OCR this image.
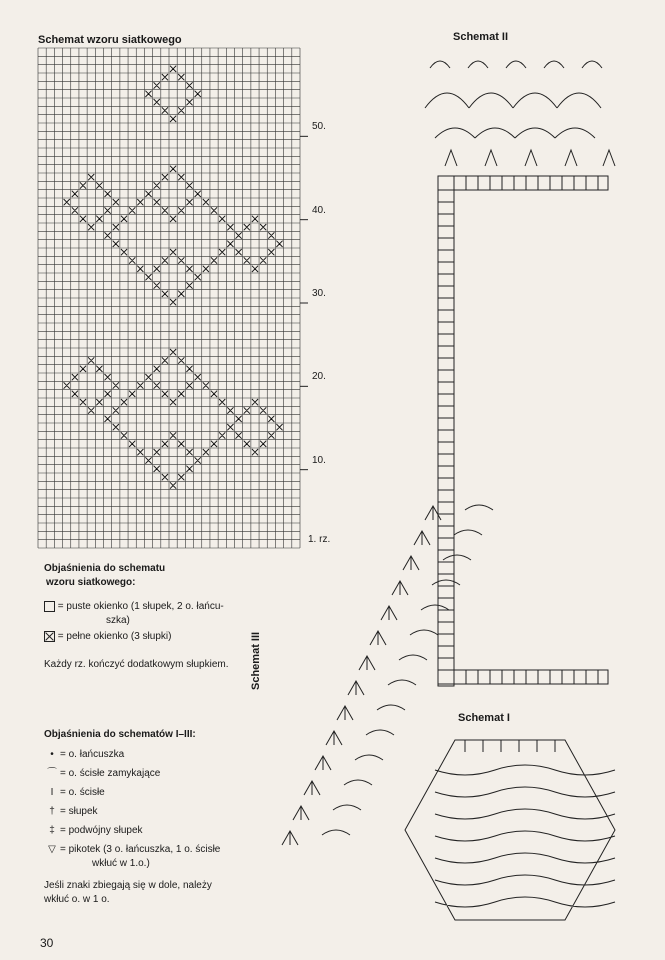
Schemat wzoru siatkowego
50.
40.
30.
20.
10.
1. rz.
Objaśnienia do schematu
wzoru siatkowego:
= puste okienko (1 słupek, 2 o. łańcu-
szka)
= pełne okienko (3 słupki)
Każdy rz. kończyć dodatkowym słupkiem.
Objaśnienia do schematów I–III:
• = o. łańcuszka
⌒ = o. ścisłe zamykające
I = o. ścisłe
† = słupek
‡ = podwójny słupek
▽ = pikotek (3 o. łańcuszka, 1 o. ścisłe
wkłuć w 1.o.)
Jeśli znaki zbiegają się w dole, należy
wkłuć o. w 1 o.
30
Schemat II
Schemat III
Schemat I
